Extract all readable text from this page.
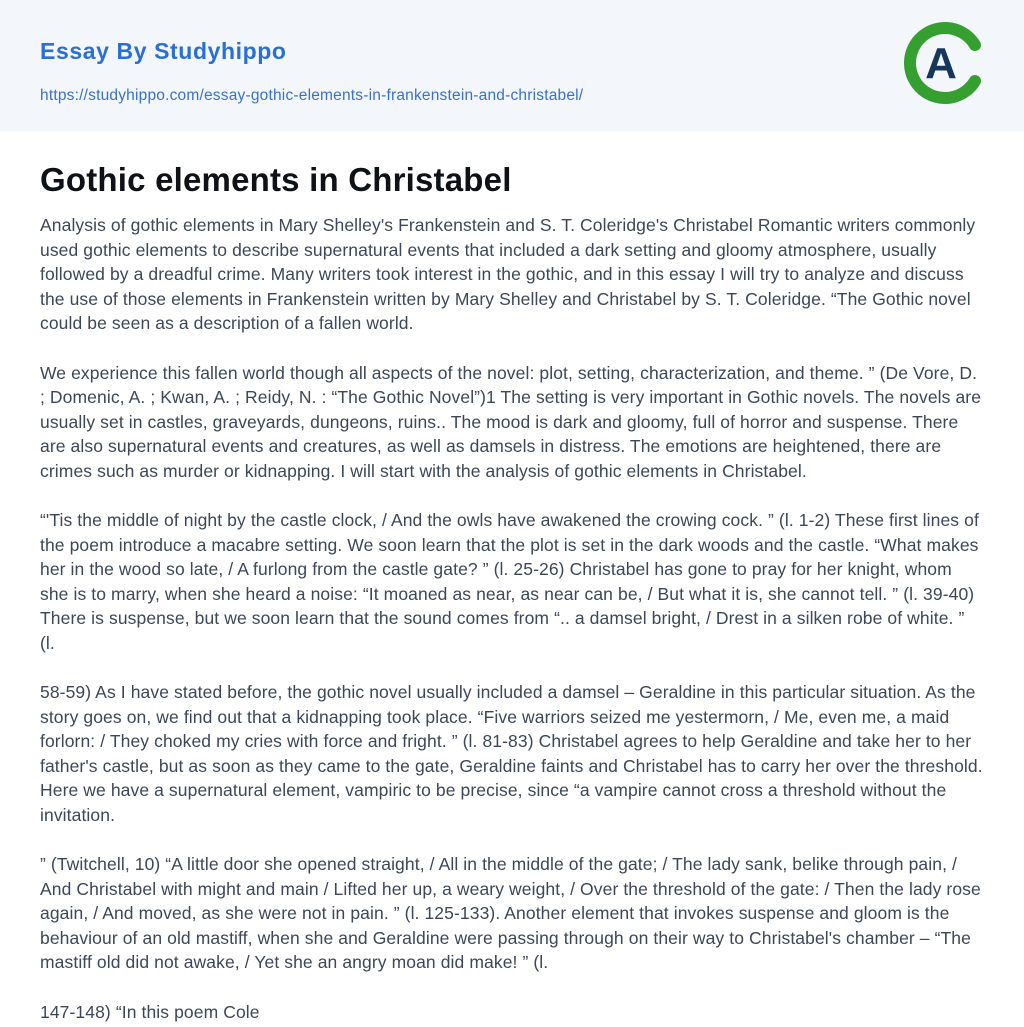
Essay By Studyhippo
https://studyhippo.com/essay-gothic-elements-in-frankenstein-and-christabel/
A
Gothic elements in Christabel

Analysis of gothic elements in Mary Shelley's Frankenstein and S. T. Coleridge's Christabel Romantic writers commonly used gothic elements to describe supernatural events that included a dark setting and gloomy atmosphere, usually followed by a dreadful crime. Many writers took interest in the gothic, and in this essay I will try to analyze and discuss the use of those elements in Frankenstein written by Mary Shelley and Christabel by S. T. Coleridge. “The Gothic novel could be seen as a description of a fallen world.

We experience this fallen world though all aspects of the novel: plot, setting, characterization, and theme. ” (De Vore, D. ; Domenic, A. ; Kwan, A. ; Reidy, N. : “The Gothic Novel”)1 The setting is very important in Gothic novels. The novels are usually set in castles, graveyards, dungeons, ruins.. The mood is dark and gloomy, full of horror and suspense. There are also supernatural events and creatures, as well as damsels in distress. The emotions are heightened, there are crimes such as murder or kidnapping. I will start with the analysis of gothic elements in Christabel.

“'Tis the middle of night by the castle clock, / And the owls have awakened the crowing cock. ” (l. 1-2) These first lines of the poem introduce a macabre setting. We soon learn that the plot is set in the dark woods and the castle. “What makes her in the wood so late, / A furlong from the castle gate? ” (l. 25-26) Christabel has gone to pray for her knight, whom she is to marry, when she heard a noise: “It moaned as near, as near can be, / But what it is, she cannot tell. ” (l. 39-40) There is suspense, but we soon learn that the sound comes from “.. a damsel bright, / Drest in a silken robe of white. ” (l.

58-59) As I have stated before, the gothic novel usually included a damsel – Geraldine in this particular situation. As the story goes on, we find out that a kidnapping took place. “Five warriors seized me yestermorn, / Me, even me, a maid forlorn: / They choked my cries with force and fright. ” (l. 81-83) Christabel agrees to help Geraldine and take her to her father's castle, but as soon as they came to the gate, Geraldine faints and Christabel has to carry her over the threshold. Here we have a supernatural element, vampiric to be precise, since “a vampire cannot cross a threshold without the invitation.

” (Twitchell, 10) “A little door she opened straight, / All in the middle of the gate; / The lady sank, belike through pain, / And Christabel with might and main / Lifted her up, a weary weight, / Over the threshold of the gate: / Then the lady rose again, / And moved, as she were not in pain. ” (l. 125-133). Another element that invokes suspense and gloom is the behaviour of an old mastiff, when she and Geraldine were passing through on their way to Christabel's chamber – “The mastiff old did not awake, / Yet she an angry moan did make! ” (l.

147-148) “In this poem Cole
